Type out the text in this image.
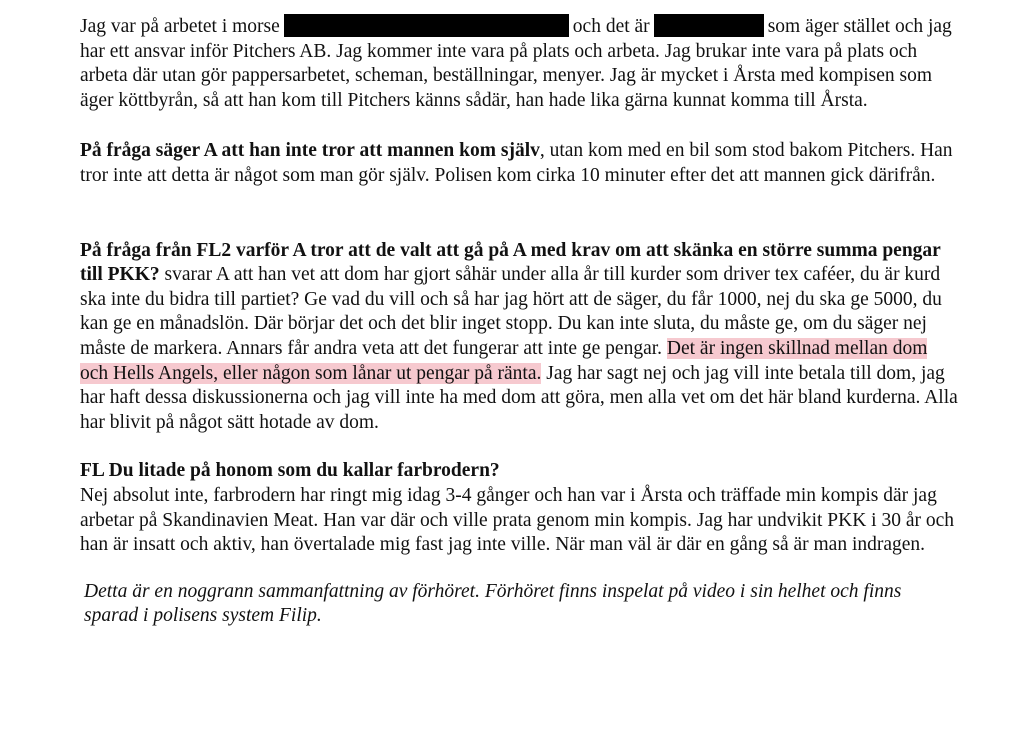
Jag var på arbetet i morse	och det är	som äger stället och jag har ett ansvar inför Pitchers AB. Jag kommer inte vara på plats och arbeta. Jag brukar inte vara på plats och arbeta där utan gör pappersarbetet, scheman, beställningar, menyer. Jag är mycket i Årsta med kompisen som äger köttbyrån, så att han kom till Pitchers känns sådär, han hade lika gärna kunnat komma till Årsta.

På fråga säger A att han inte tror att mannen kom själv, utan kom med en bil som stod bakom Pitchers. Han tror inte att detta är något som man gör själv. Polisen kom cirka 10 minuter efter det att mannen gick därifrån.

På fråga från FL2 varför A tror att de valt att gå på A med krav om att skänka en större summa pengar till PKK? svarar A att han vet att dom har gjort såhär under alla år till kurder som driver tex caféer, du är kurd ska inte du bidra till partiet? Ge vad du vill och så har jag hört att de säger, du får 1000, nej du ska ge 5000, du kan ge en månadslön. Där börjar det och det blir inget stopp. Du kan inte sluta, du måste ge, om du säger nej måste de markera. Annars får andra veta att det fungerar att inte ge pengar. Det är ingen skillnad mellan dom och Hells Angels, eller någon som lånar ut pengar på ränta. Jag har sagt nej och jag vill inte betala till dom, jag har haft dessa diskussionerna och jag vill inte ha med dom att göra, men alla vet om det här bland kurderna. Alla har blivit på något sätt hotade av dom.

FL Du litade på honom som du kallar farbrodern?
Nej absolut inte, farbrodern har ringt mig idag 3-4 gånger och han var i Årsta och träffade min kompis där jag arbetar på Skandinavien Meat. Han var där och ville prata genom min kompis. Jag har undvikit PKK i 30 år och han är insatt och aktiv, han övertalade mig fast jag inte ville. När man väl är där en gång så är man indragen.

Detta är en noggrann sammanfattning av förhöret. Förhöret finns inspelat på video i sin helhet och finns sparad i polisens system Filip.
